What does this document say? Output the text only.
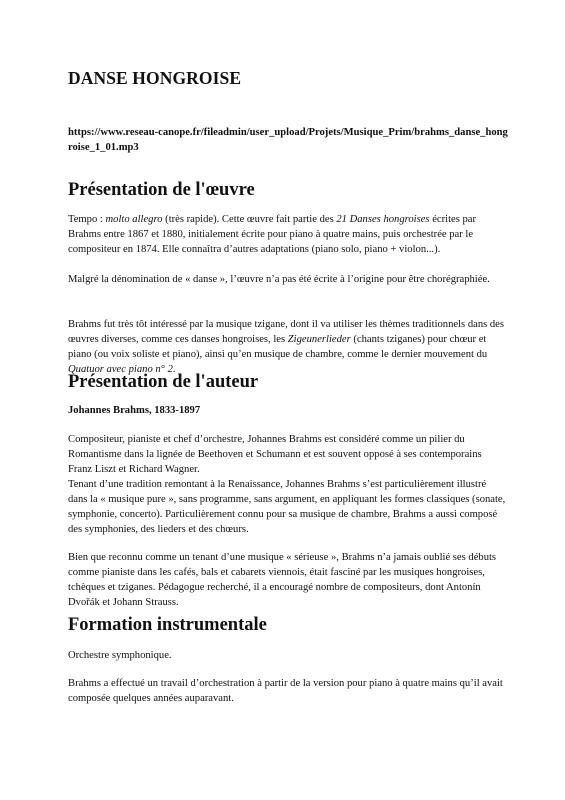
DANSE HONGROISE

https://www.reseau-canope.fr/fileadmin/user_upload/Projets/Musique_Prim/brahms_danse_hongroise_1_01.mp3

Présentation de l'œuvre

Tempo : molto allegro (très rapide). Cette œuvre fait partie des 21 Danses hongroises écrites par Brahms entre 1867 et 1880, initialement écrite pour piano à quatre mains, puis orchestrée par le compositeur en 1874. Elle connaîtra d’autres adaptations (piano solo, piano + violon...).

Malgré la dénomination de « danse », l’œuvre n’a pas été écrite à l’origine pour être chorégraphiée.

Brahms fut très tôt intéressé par la musique tzigane, dont il va utiliser les thèmes traditionnels dans des œuvres diverses, comme ces danses hongroises, les Zigeunerlieder (chants tziganes) pour chœur et piano (ou voix soliste et piano), ainsi qu’en musique de chambre, comme le dernier mouvement du Quatuor avec piano n° 2.

Présentation de l'auteur

Johannes Brahms, 1833-1897

Compositeur, pianiste et chef d’orchestre, Johannes Brahms est considéré comme un pilier du Romantisme dans la lignée de Beethoven et Schumann et est souvent opposé à ses contemporains Franz Liszt et Richard Wagner.

Tenant d’une tradition remontant à la Renaissance, Johannes Brahms s’est particulièrement illustré dans la « musique pure », sans programme, sans argument, en appliquant les formes classiques (sonate, symphonie, concerto). Particulièrement connu pour sa musique de chambre, Brahms a aussi composé des symphonies, des lieders et des chœurs.

Bien que reconnu comme un tenant d’une musique « sérieuse », Brahms n’a jamais oublié ses débuts comme pianiste dans les cafés, bals et cabarets viennois, était fasciné par les musiques hongroises, tchèques et tziganes. Pédagogue recherché, il a encouragé nombre de compositeurs, dont Antonín Dvořák et Johann Strauss.

Formation instrumentale

Orchestre symphonique.

Brahms a effectué un travail d’orchestration à partir de la version pour piano à quatre mains qu’il avait composée quelques années auparavant.
